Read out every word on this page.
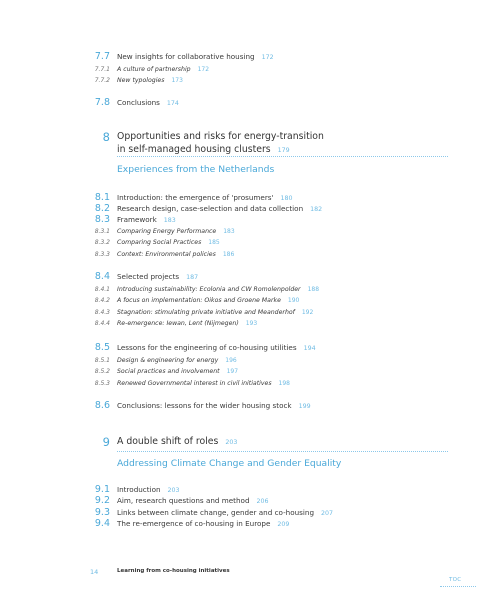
7.7 New insights for collaborative housing 172
7.7.1 A culture of partnership 172
7.7.2 New typologies 173
7.8 Conclusions 174
8 Opportunities and risks for energy-transition
in self-managed housing clusters 179
Experiences from the Netherlands
8.1 Introduction: the emergence of 'prosumers' 180
8.2 Research design, case-selection and data collection 182
8.3 Framework 183
8.3.1 Comparing Energy Performance 183
8.3.2 Comparing Social Practices 185
8.3.3 Context: Environmental policies 186
8.4 Selected projects 187
8.4.1 Introducing sustainability: Ecolonia and CW Romolenpolder 188
8.4.2 A focus on implementation: Oikos and Groene Marke 190
8.4.3 Stagnation: stimulating private initiative and Meanderhof 192
8.4.4 Re-emergence: Iewan, Lent (Nijmegen) 193
8.5 Lessons for the engineering of co-housing utilities 194
8.5.1 Design & engineering for energy 196
8.5.2 Social practices and involvement 197
8.5.3 Renewed Governmental interest in civil initiatives 198
8.6 Conclusions: lessons for the wider housing stock 199
9 A double shift of roles 203
Addressing Climate Change and Gender Equality
9.1 Introduction 203
9.2 Aim, research questions and method 206
9.3 Links between climate change, gender and co-housing 207
9.4 The re-emergence of co-housing in Europe 209
14	Learning from co-housing initiatives
TOC
